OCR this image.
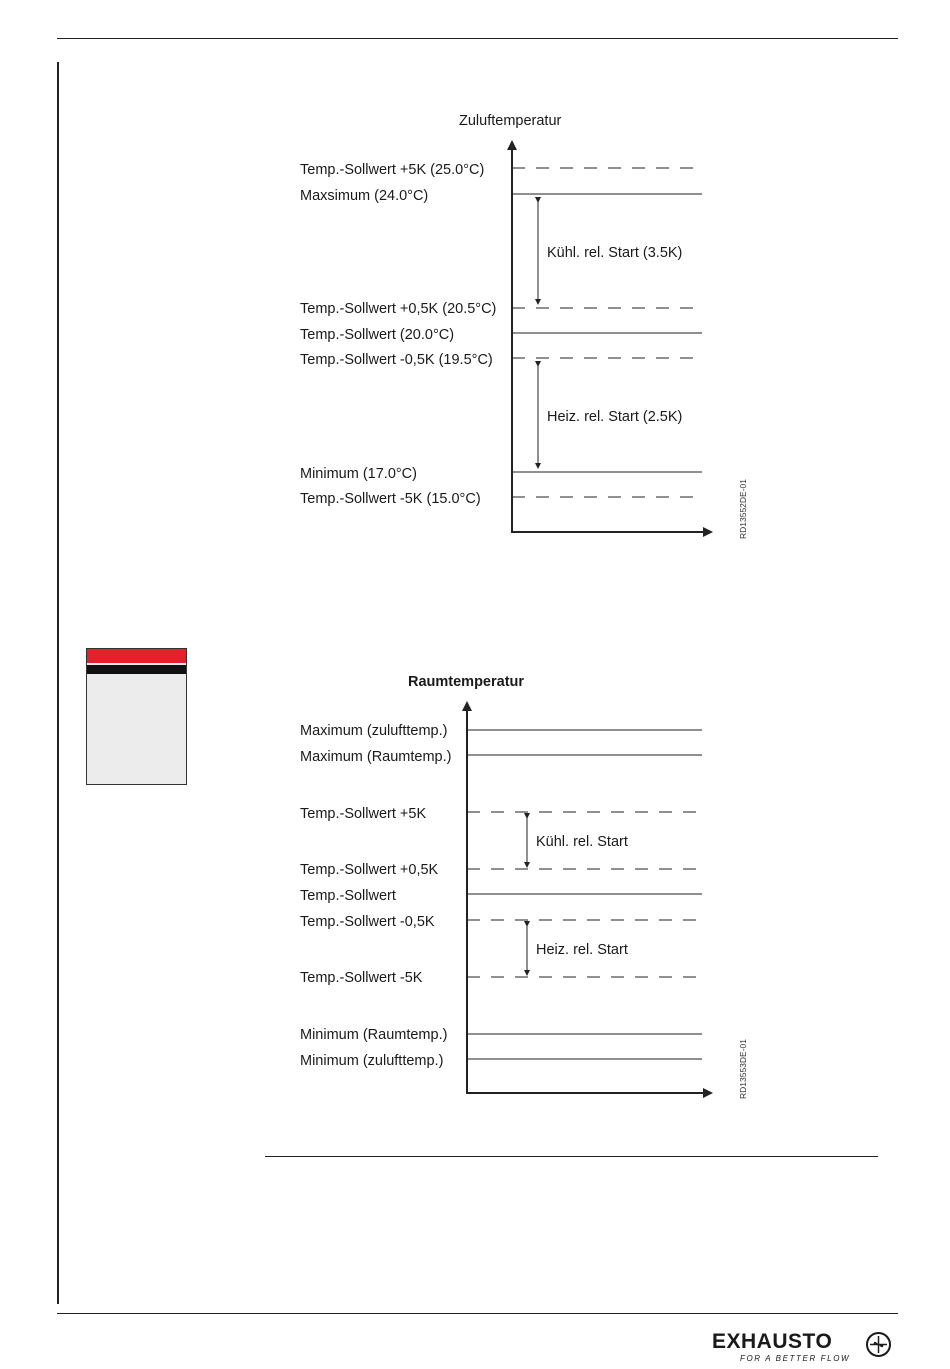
Zuluftemperatur
Temp.-Sollwert +5K (25.0°C)
Maxsimum (24.0°C)
Temp.-Sollwert +0,5K (20.5°C)
Temp.-Sollwert (20.0°C)
Temp.-Sollwert -0,5K (19.5°C)
Minimum (17.0°C)
Temp.-Sollwert -5K (15.0°C)
Kühl. rel. Start (3.5K)
Heiz. rel. Start (2.5K)
RD13552DE-01
Raumtemperatur
Maximum (zulufttemp.)
Maximum (Raumtemp.)
Temp.-Sollwert +5K
Temp.-Sollwert +0,5K
Temp.-Sollwert
Temp.-Sollwert -0,5K
Temp.-Sollwert -5K
Minimum (Raumtemp.)
Minimum (zulufttemp.)
Kühl. rel. Start
Heiz. rel. Start
RD13553DE-01
EXHAUSTO
FOR A BETTER FLOW
